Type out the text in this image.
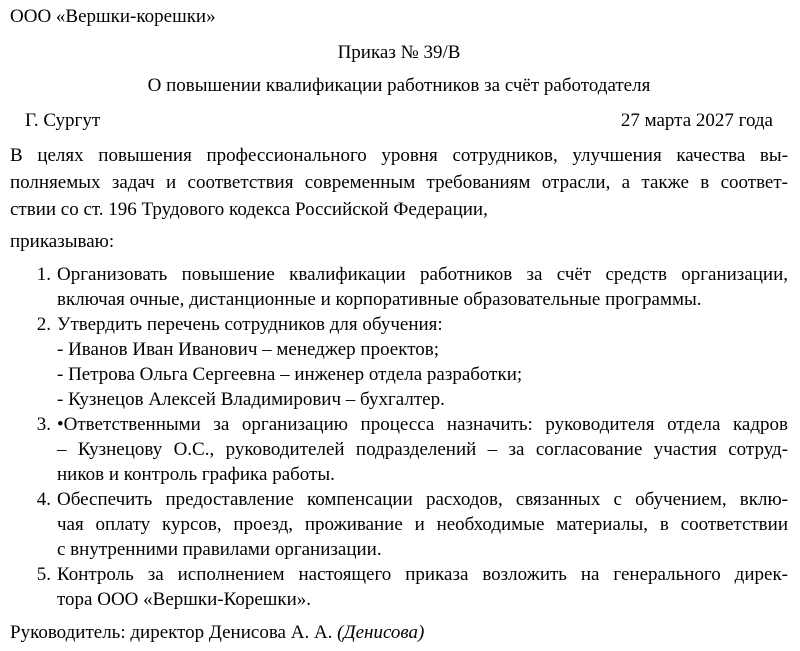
ООО «Вершки-корешки»
Приказ № 39/В
О повышении квалификации работников за счёт работодателя
Г. Сургут	27 марта 2027 года
В целях повышения профессионального уровня сотрудников, улучшения качества вы-
полняемых задач и соответствия современным требованиям отрасли, а также в соответ-
ствии со ст. 196 Трудового кодекса Российской Федерации,
приказываю:
1. Организовать повышение квалификации работников за счёт средств организации,
включая очные, дистанционные и корпоративные образовательные программы.
2. Утвердить перечень сотрудников для обучения:
- Иванов Иван Иванович – менеджер проектов;
- Петрова Ольга Сергеевна – инженер отдела разработки;
- Кузнецов Алексей Владимирович – бухгалтер.
3. •Ответственными за организацию процесса назначить: руководителя отдела кадров
– Кузнецову О.С., руководителей подразделений – за согласование участия сотруд-
ников и контроль графика работы.
4. Обеспечить предоставление компенсации расходов, связанных с обучением, вклю-
чая оплату курсов, проезд, проживание и необходимые материалы, в соответствии
с внутренними правилами организации.
5. Контроль за исполнением настоящего приказа возложить на генерального дирек-
тора ООО «Вершки-Корешки».
Руководитель: директор Денисова А. А. (Денисова)
